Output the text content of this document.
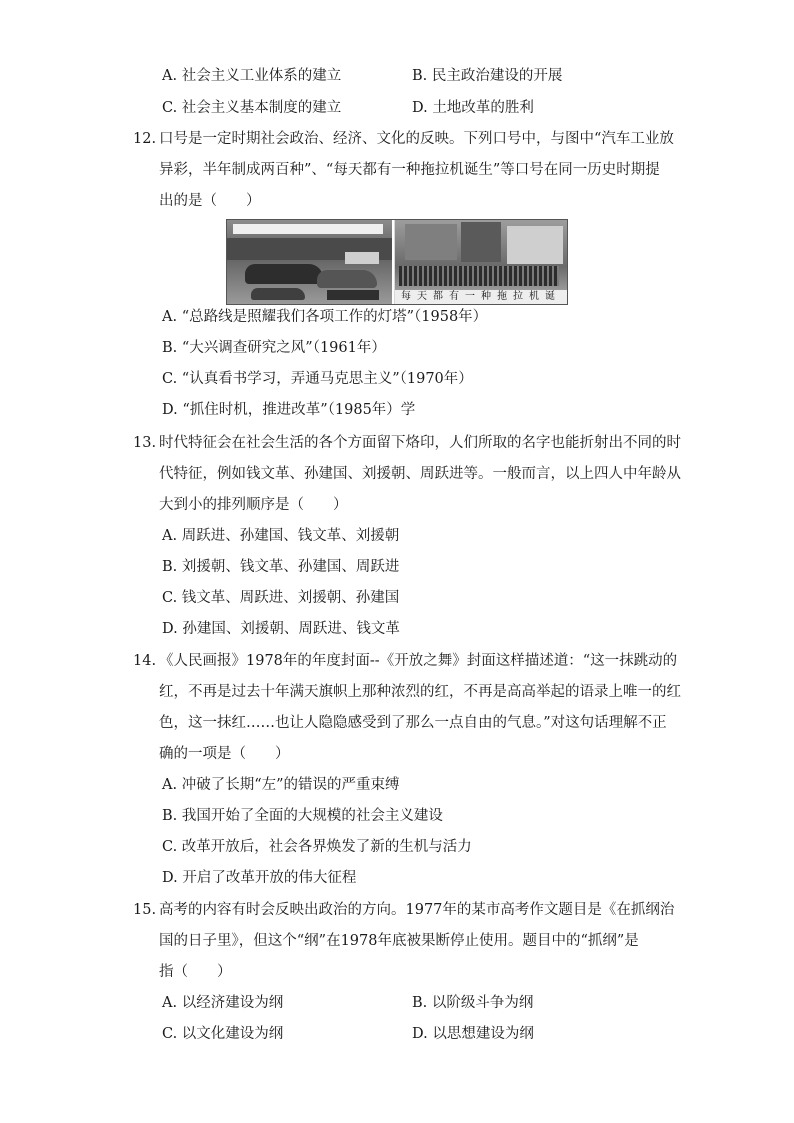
A. 社会主义工业体系的建立	B. 民主政治建设的开展
C. 社会主义基本制度的建立	D. 土地改革的胜利
12. 口号是一定时期社会政治、经济、文化的反映。下列口号中，与图中“汽车工业放
异彩，半年制成两百种”、“每天都有一种拖拉机诞生”等口号在同一历史时期提
出的是（　　）
每天都有一种拖拉机诞
A. “总路线是照耀我们各项工作的灯塔”（1958年）
B. “大兴调查研究之风”（1961年）
C. “认真看书学习，弄通马克思主义”（1970年）
D. “抓住时机，推进改革”（1985年）学
13. 时代特征会在社会生活的各个方面留下烙印，人们所取的名字也能折射出不同的时
代特征，例如钱文革、孙建国、刘援朝、周跃进等。一般而言，以上四人中年龄从
大到小的排列顺序是（　　）
A. 周跃进、孙建国、钱文革、刘援朝
B. 刘援朝、钱文革、孙建国、周跃进
C. 钱文革、周跃进、刘援朝、孙建国
D. 孙建国、刘援朝、周跃进、钱文革
14. 《人民画报》1978年的年度封面--《开放之舞》封面这样描述道：“这一抹跳动的
红，不再是过去十年满天旗帜上那种浓烈的红，不再是高高举起的语录上唯一的红
色，这一抹红……也让人隐隐感受到了那么一点自由的气息。”对这句话理解不正
确的一项是（　　）
A. 冲破了长期“左”的错误的严重束缚
B. 我国开始了全面的大规模的社会主义建设
C. 改革开放后，社会各界焕发了新的生机与活力
D. 开启了改革开放的伟大征程
15. 高考的内容有时会反映出政治的方向。1977年的某市高考作文题目是《在抓纲治
国的日子里》，但这个“纲”在1978年底被果断停止使用。题目中的“抓纲”是
指（　　）
A. 以经济建设为纲	B. 以阶级斗争为纲
C. 以文化建设为纲	D. 以思想建设为纲
